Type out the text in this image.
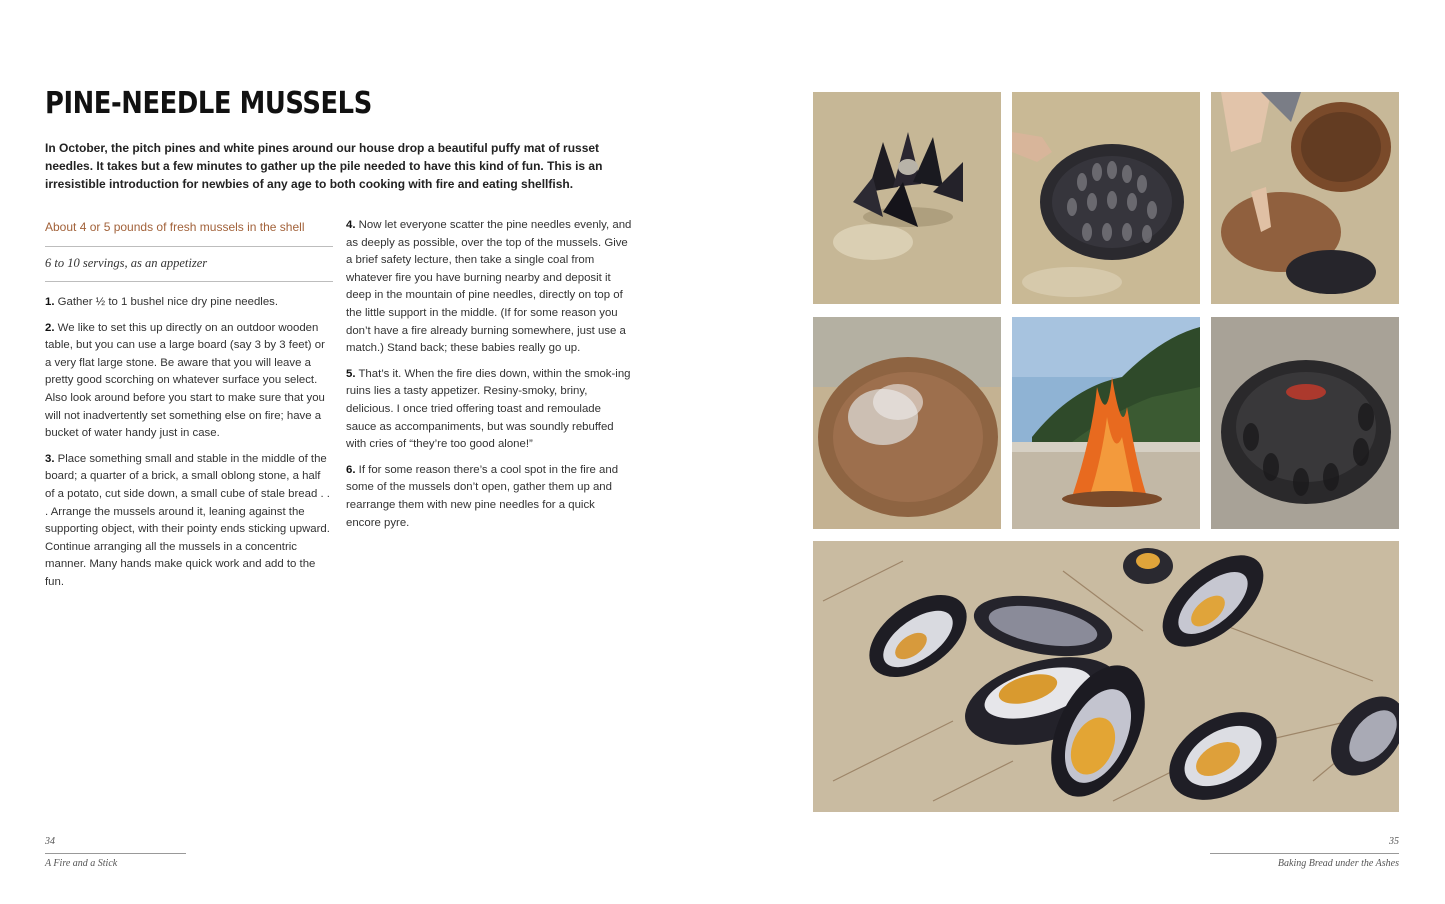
PINE-NEEDLE MUSSELS

In October, the pitch pines and white pines around our house drop a beautiful puffy mat of russet needles. It takes but a few minutes to gather up the pile needed to have this kind of fun. This is an irresistible introduction for newbies of any age to both cooking with fire and eating shellfish.

About 4 or 5 pounds of fresh mussels in the shell
6 to 10 servings, as an appetizer

1. Gather ½ to 1 bushel nice dry pine needles.

2. We like to set this up directly on an outdoor wooden table, but you can use a large board (say 3 by 3 feet) or a very flat large stone. Be aware that you will leave a pretty good scorching on whatever surface you select. Also look around before you start to make sure that you will not inadvertently set something else on fire; have a bucket of water handy just in case.

3. Place something small and stable in the middle of the board; a quarter of a brick, a small oblong stone, a half of a potato, cut side down, a small cube of stale bread . . . Arrange the mussels around it, leaning against the supporting object, with their pointy ends sticking upward. Continue arranging all the mussels in a concentric manner. Many hands make quick work and add to the fun.

4. Now let everyone scatter the pine needles evenly, and as deeply as possible, over the top of the mussels. Give a brief safety lecture, then take a single coal from whatever fire you have burning nearby and deposit it deep in the mountain of pine needles, directly on top of the little support in the middle. (If for some reason you don’t have a fire already burning somewhere, just use a match.) Stand back; these babies really go up.

5. That’s it. When the fire dies down, within the smok-ing ruins lies a tasty appetizer. Resiny-smoky, briny, delicious. I once tried offering toast and remoulade sauce as accompaniments, but was soundly rebuffed with cries of “they’re too good alone!”

6. If for some reason there’s a cool spot in the fire and some of the mussels don’t open, gather them up and rearrange them with new pine needles for a quick encore pyre.

34
A Fire and a Stick
35
Baking Bread under the Ashes
